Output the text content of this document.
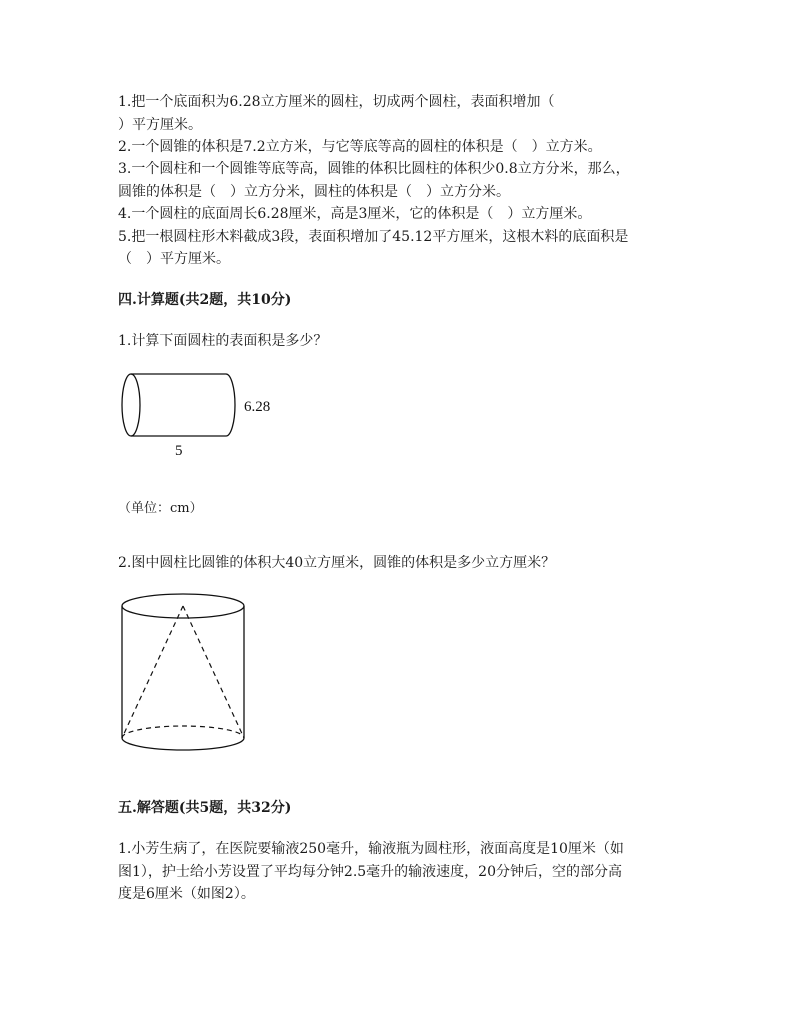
1.把一个底面积为6.28立方厘米的圆柱，切成两个圆柱，表面积增加（
）平方厘米。
2.一个圆锥的体积是7.2立方米，与它等底等高的圆柱的体积是（　）立方米。
3.一个圆柱和一个圆锥等底等高，圆锥的体积比圆柱的体积少0.8立方分米，那么，
圆锥的体积是（　）立方分米，圆柱的体积是（　）立方分米。
4.一个圆柱的底面周长6.28厘米，高是3厘米，它的体积是（　）立方厘米。
5.把一根圆柱形木料截成3段，表面积增加了45.12平方厘米，这根木料的底面积是
（　）平方厘米。
四.计算题(共2题，共10分)
1.计算下面圆柱的表面积是多少？
6.28
5
（单位：cm）
2.图中圆柱比圆锥的体积大40立方厘米，圆锥的体积是多少立方厘米？
五.解答题(共5题，共32分)
1.小芳生病了，在医院要输液250毫升，输液瓶为圆柱形，液面高度是10厘米（如
图1），护士给小芳设置了平均每分钟2.5毫升的输液速度，20分钟后，空的部分高
度是6厘米（如图2）。
